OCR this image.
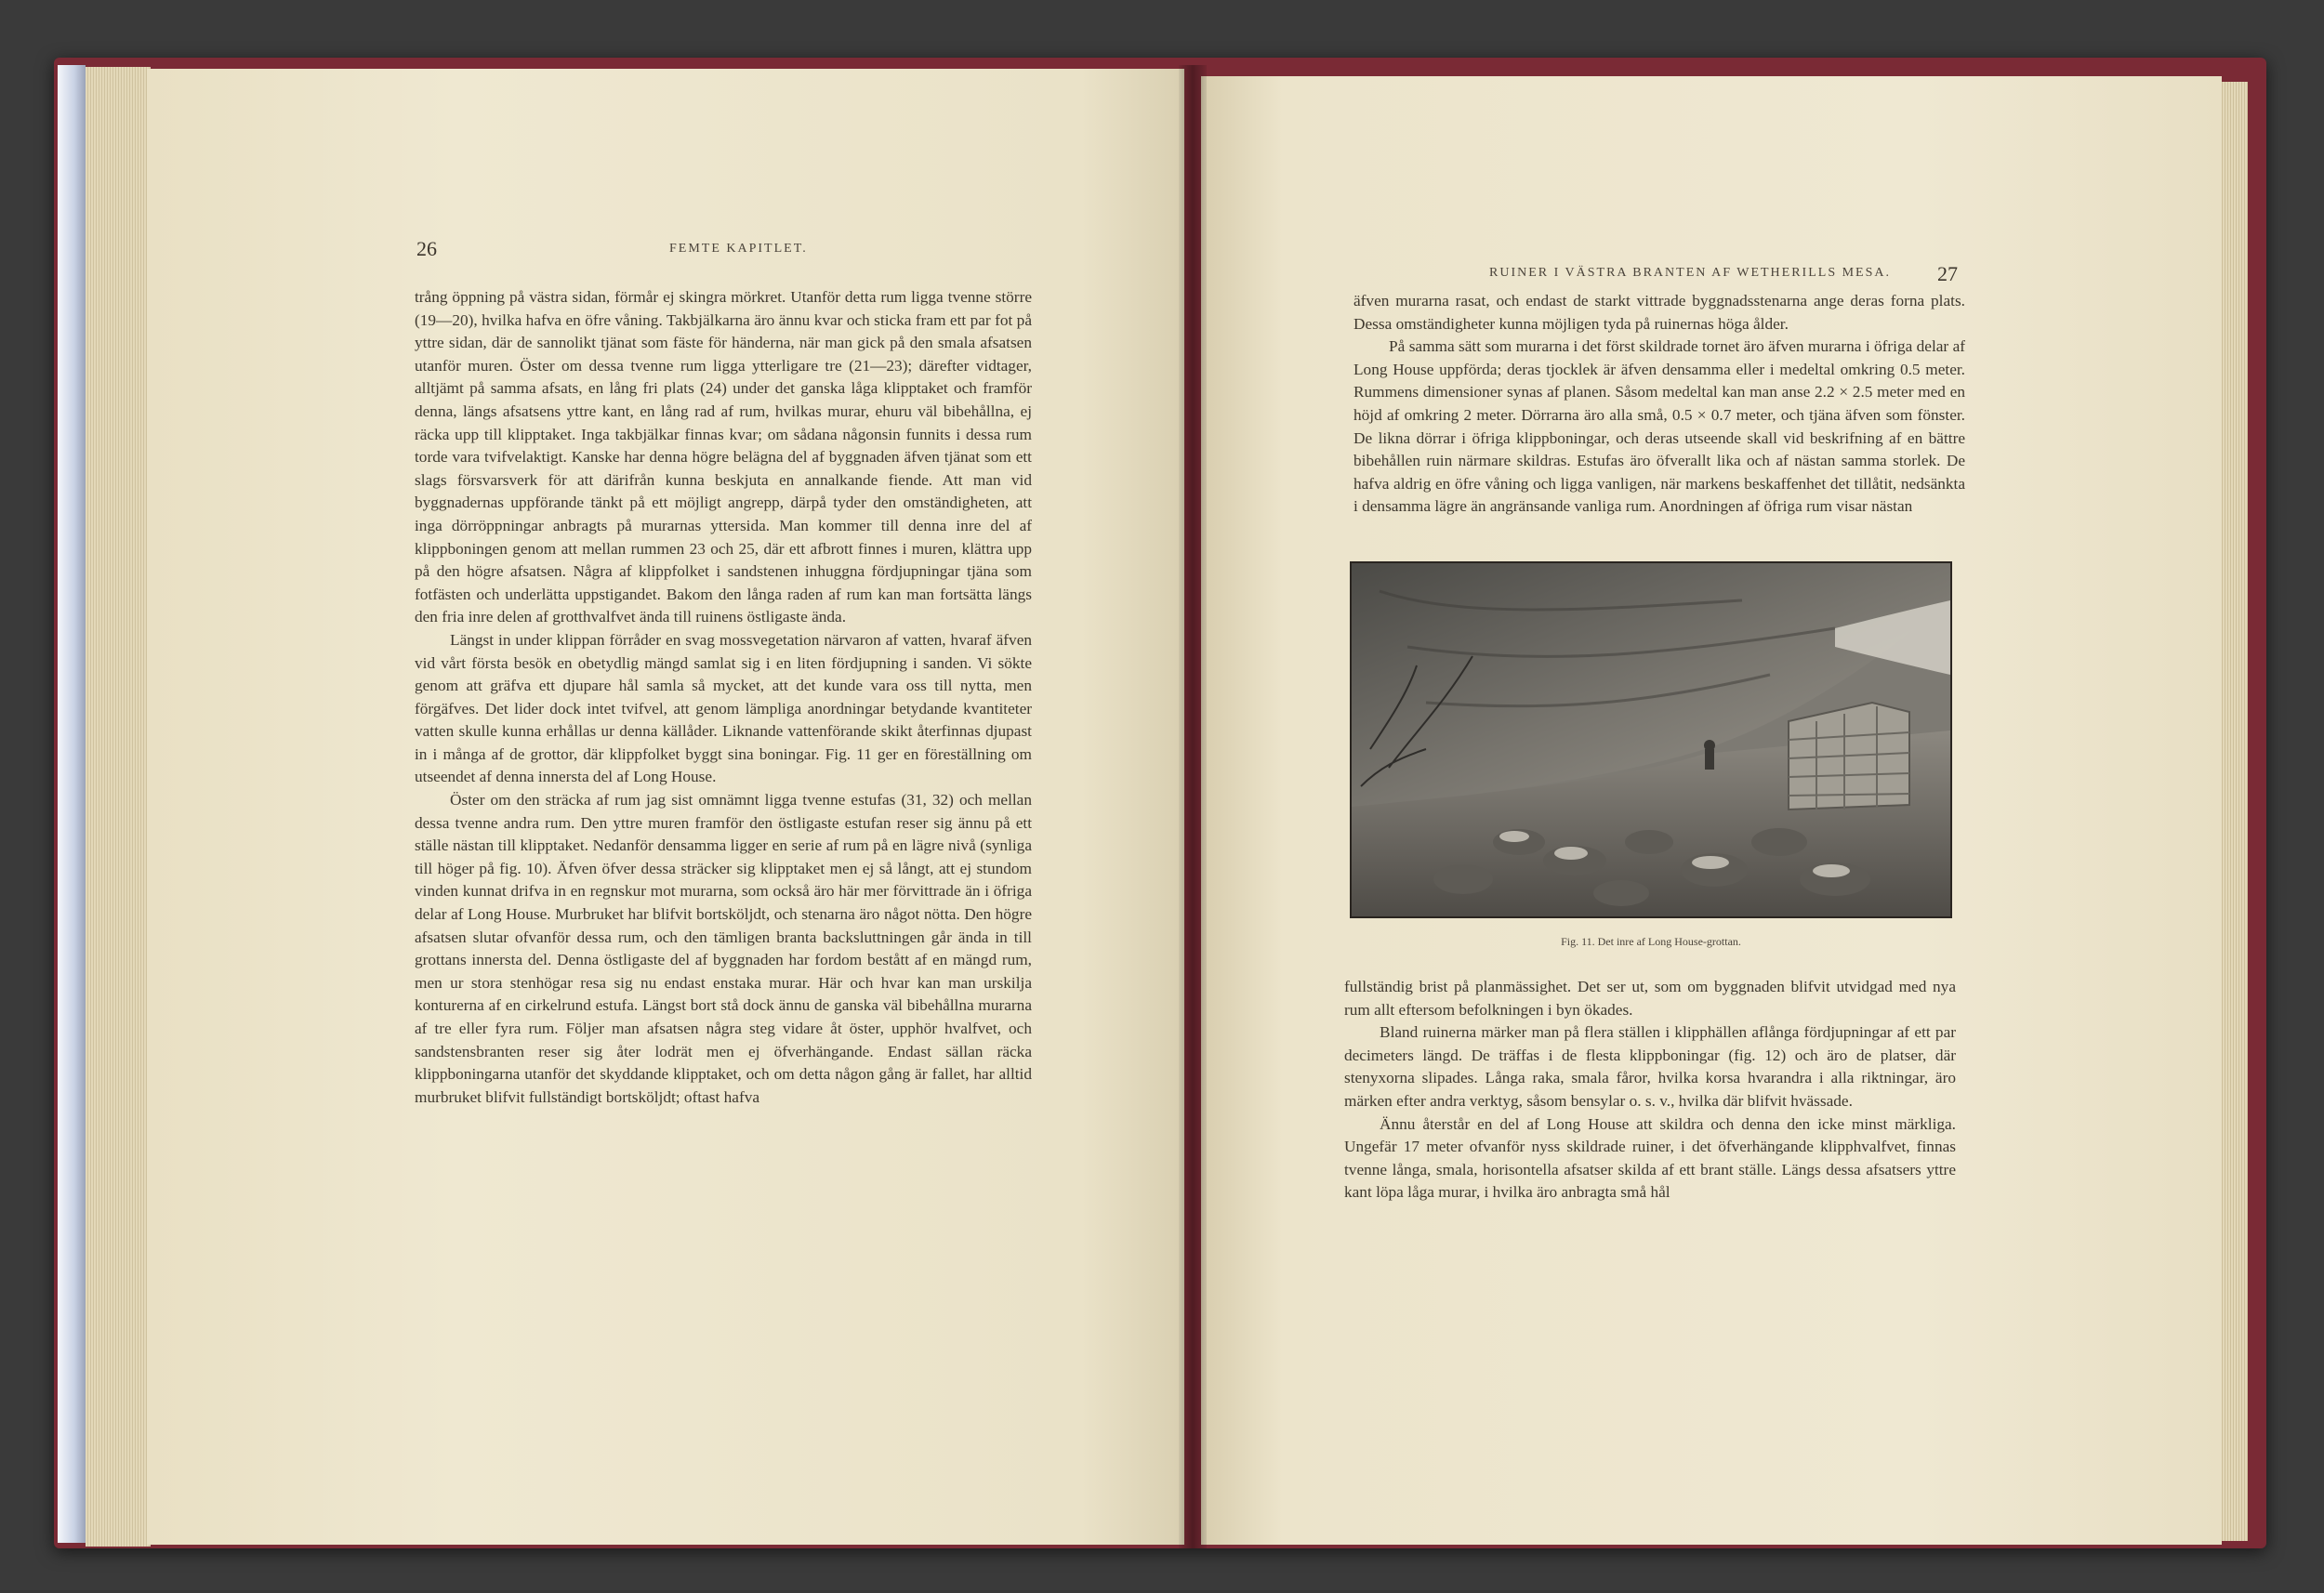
26	FEMTE KAPITLET.

trång öppning på västra sidan, förmår ej skingra mörkret. Utanför detta rum ligga tvenne större (19—20), hvilka hafva en öfre våning. Takbjälkarna äro ännu kvar och sticka fram ett par fot på yttre sidan, där de sannolikt tjänat som fäste för händerna, när man gick på den smala afsatsen utanför muren. Öster om dessa tvenne rum ligga ytterligare tre (21—23); därefter vidtager, alltjämt på samma afsats, en lång fri plats (24) under det ganska låga klipptaket och framför denna, längs afsatsens yttre kant, en lång rad af rum, hvilkas murar, ehuru väl bibehållna, ej räcka upp till klipptaket. Inga takbjälkar finnas kvar; om sådana någonsin funnits i dessa rum torde vara tvifvelaktigt. Kanske har denna högre belägna del af byggnaden äfven tjänat som ett slags försvarsverk för att därifrån kunna beskjuta en annalkande fiende. Att man vid byggnadernas uppförande tänkt på ett möjligt angrepp, därpå tyder den omständigheten, att inga dörröppningar anbragts på murarnas yttersida. Man kommer till denna inre del af klippboningen genom att mellan rummen 23 och 25, där ett afbrott finnes i muren, klättra upp på den högre afsatsen. Några af klippfolket i sandstenen inhuggna fördjupningar tjäna som fotfästen och underlätta uppstigandet. Bakom den långa raden af rum kan man fortsätta längs den fria inre delen af grotthvalfvet ända till ruinens östligaste ända.

Längst in under klippan förråder en svag mossvegetation närvaron af vatten, hvaraf äfven vid vårt första besök en obetydlig mängd samlat sig i en liten fördjupning i sanden. Vi sökte genom att gräfva ett djupare hål samla så mycket, att det kunde vara oss till nytta, men förgäfves. Det lider dock intet tvifvel, att genom lämpliga anordningar betydande kvantiteter vatten skulle kunna erhållas ur denna källåder. Liknande vattenförande skikt återfinnas djupast in i många af de grottor, där klippfolket byggt sina boningar. Fig. 11 ger en föreställning om utseendet af denna innersta del af Long House.

Öster om den sträcka af rum jag sist omnämnt ligga tvenne estufas (31, 32) och mellan dessa tvenne andra rum. Den yttre muren framför den östligaste estufan reser sig ännu på ett ställe nästan till klipptaket. Nedanför densamma ligger en serie af rum på en lägre nivå (synliga till höger på fig. 10). Äfven öfver dessa sträcker sig klipptaket men ej så långt, att ej stundom vinden kunnat drifva in en regnskur mot murarna, som också äro här mer förvittrade än i öfriga delar af Long House. Murbruket har blifvit bortsköljdt, och stenarna äro något nötta. Den högre afsatsen slutar ofvanför dessa rum, och den tämligen branta backsluttningen går ända in till grottans innersta del. Denna östligaste del af byggnaden har fordom bestått af en mängd rum, men ur stora stenhögar resa sig nu endast enstaka murar. Här och hvar kan man urskilja konturerna af en cirkelrund estufa. Längst bort stå dock ännu de ganska väl bibehållna murarna af tre eller fyra rum. Följer man afsatsen några steg vidare åt öster, upphör hvalfvet, och sandstensbranten reser sig åter lodrät men ej öfverhängande. Endast sällan räcka klippboningarna utanför det skyddande klipptaket, och om detta någon gång är fallet, har alltid murbruket blifvit fullständigt bortsköljdt; oftast hafva

RUINER I VÄSTRA BRANTEN AF WETHERILLS MESA. 27

äfven murarna rasat, och endast de starkt vittrade byggnadsstenarna ange deras forna plats. Dessa omständigheter kunna möjligen tyda på ruinernas höga ålder.

På samma sätt som murarna i det först skildrade tornet äro äfven murarna i öfriga delar af Long House uppförda; deras tjocklek är äfven densamma eller i medeltal omkring 0.5 meter. Rummens dimensioner synas af planen. Såsom medeltal kan man anse 2.2 × 2.5 meter med en höjd af omkring 2 meter. Dörrarna äro alla små, 0.5 × 0.7 meter, och tjäna äfven som fönster. De likna dörrar i öfriga klippboningar, och deras utseende skall vid beskrifning af en bättre bibehållen ruin närmare skildras. Estufas äro öfverallt lika och af nästan samma storlek. De hafva aldrig en öfre våning och ligga vanligen, när markens beskaffenhet det tillåtit, nedsänkta i densamma lägre än angränsande vanliga rum. Anordningen af öfriga rum visar nästan

Fig. 11. Det inre af Long House-grottan.

fullständig brist på planmässighet. Det ser ut, som om byggnaden blifvit utvidgad med nya rum allt eftersom befolkningen i byn ökades.

Bland ruinerna märker man på flera ställen i klipphällen aflånga fördjupningar af ett par decimeters längd. De träffas i de flesta klippboningar (fig. 12) och äro de platser, där stenyxorna slipades. Långa raka, smala fåror, hvilka korsa hvarandra i alla riktningar, äro märken efter andra verktyg, såsom bensylar o. s. v., hvilka där blifvit hvässade.

Ännu återstår en del af Long House att skildra och denna den icke minst märkliga. Ungefär 17 meter ofvanför nyss skildrade ruiner, i det öfverhängande klipphvalfvet, finnas tvenne långa, smala, horisontella afsatser skilda af ett brant ställe. Längs dessa afsatsers yttre kant löpa låga murar, i hvilka äro anbragta små hål
